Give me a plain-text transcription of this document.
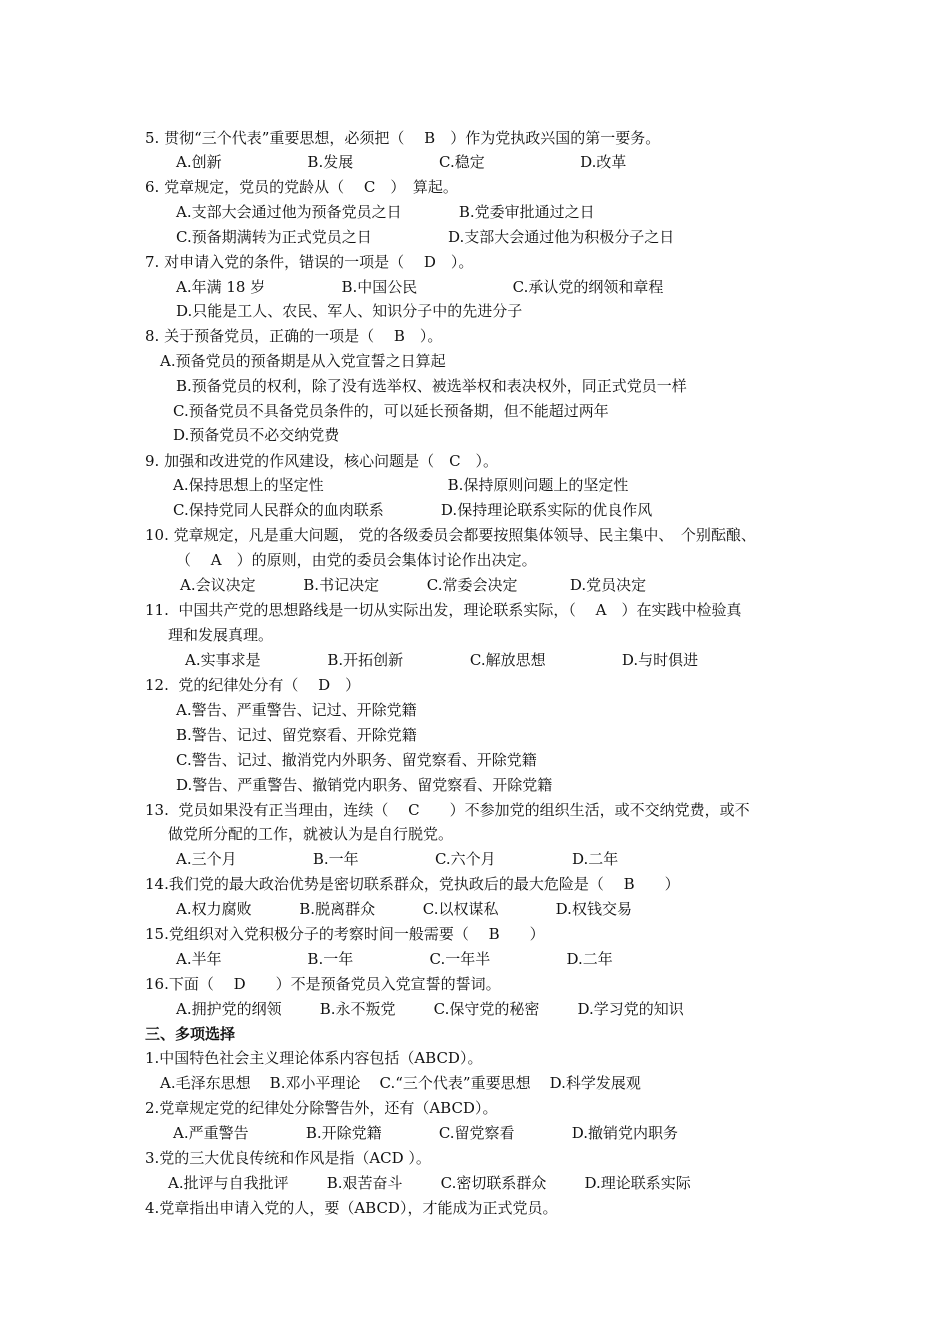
5. 贯彻“三个代表”重要思想，必须把（　 B　）作为党执政兴国的第一要务。
A.创新                  B.发展                  C.稳定                    D.改革
6. 党章规定，党员的党龄从（　 C　）　算起。
A.支部大会通过他为预备党员之日            B.党委审批通过之日
C.预备期满转为正式党员之日                D.支部大会通过他为积极分子之日
7. 对申请入党的条件，错误的一项是（　 D　）。
A.年满 18 岁                B.中国公民                    C.承认党的纲领和章程
D.只能是工人、农民、军人、知识分子中的先进分子
8. 关于预备党员，正确的一项是（　 B　）。
A.预备党员的预备期是从入党宣誓之日算起
B.预备党员的权利，除了没有选举权、被选举权和表决权外，同正式党员一样
C.预备党员不具备党员条件的，可以延长预备期，但不能超过两年
D.预备党员不必交纳党费
9. 加强和改进党的作风建设，核心问题是（　C　）。
A.保持思想上的坚定性                          B.保持原则问题上的坚定性
C.保持党同人民群众的血肉联系            D.保持理论联系实际的优良作风
10. 党章规定，凡是重大问题， 党的各级委员会都要按照集体领导、民主集中、　个别酝酿、
（　 A　）的原则，由党的委员会集体讨论作出决定。
A.会议决定          B.书记决定          C.常委会决定           D.党员决定
11.  中国共产党的思想路线是一切从实际出发，理论联系实际，（　 A　）在实践中检验真
理和发展真理。
A.实事求是              B.开拓创新              C.解放思想                D.与时俱进
12.  党的纪律处分有（　 D　）
A.警告、严重警告、记过、开除党籍
B.警告、记过、留党察看、开除党籍
C.警告、记过、撤消党内外职务、留党察看、开除党籍
D.警告、严重警告、撤销党内职务、留党察看、开除党籍
13.  党员如果没有正当理由，连续（　 C　　）不参加党的组织生活，或不交纳党费，或不
做党所分配的工作，就被认为是自行脱党。
A.三个月                B.一年                C.六个月                D.二年
14.我们党的最大政治优势是密切联系群众，党执政后的最大危险是（　 B　　）
A.权力腐败          B.脱离群众          C.以权谋私            D.权钱交易
15.党组织对入党积极分子的考察时间一般需要（　 B　　）
A.半年                  B.一年                C.一年半                D.二年
16.下面（　 D　　）不是预备党员入党宣誓的誓词。
A.拥护党的纲领        B.永不叛党        C.保守党的秘密        D.学习党的知识
三、多项选择
1.中国特色社会主义理论体系内容包括（ABCD）。
A.毛泽东思想    B.邓小平理论    C.“三个代表”重要思想    D.科学发展观
2.党章规定党的纪律处分除警告外，还有（ABCD）。
A.严重警告            B.开除党籍            C.留党察看            D.撤销党内职务
3.党的三大优良传统和作风是指（ACD ）。
A.批评与自我批评        B.艰苦奋斗        C.密切联系群众        D.理论联系实际
4.党章指出申请入党的人，要（ABCD），才能成为正式党员。
